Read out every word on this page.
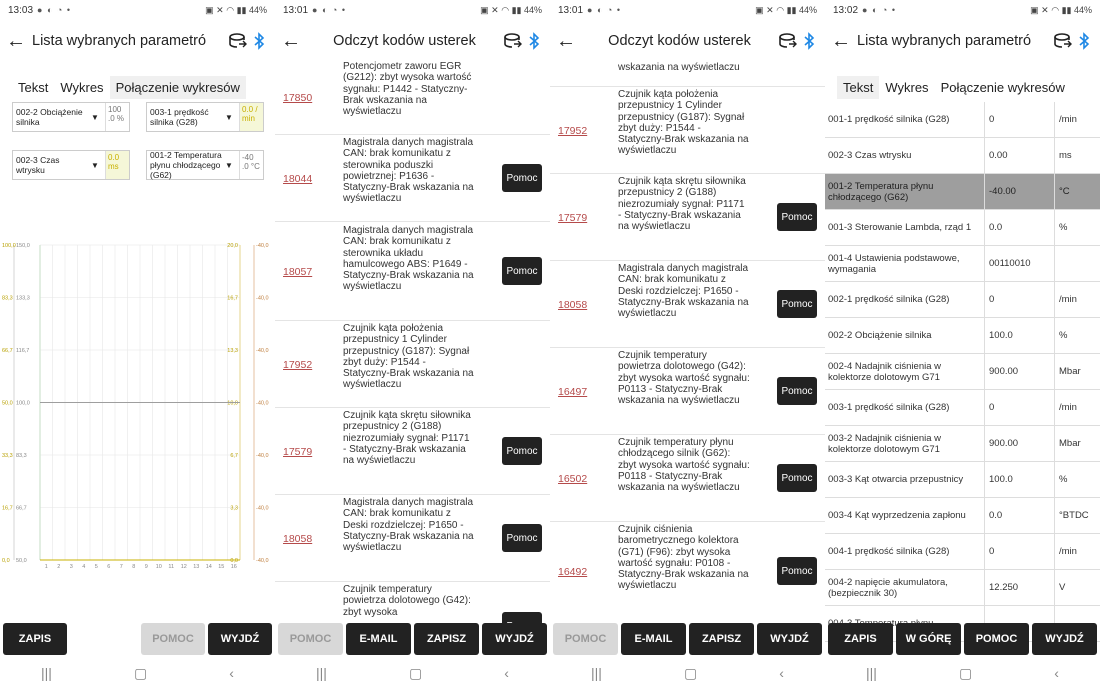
13:03 ● ◐ ◔ •	▣ ✕ ◠ ▮▮ 44%
← Lista wybranych parametró
Tekst Wykres Połączenie wykresów
002-2 Obciążenie silnika	▼
100 .0 %
003-1 prędkość silnika (G28)	▼
0.0 / min
002-3 Czas wtrysku	▼
0.0 ms
001-2 Temperatura płynu chłodzącego (G62)
▼
-40 .0 °C
150,0
100,0	20,0	-40,0
133,3
83,3	16,7	-40,0
116,7
66,7	13,3	-40,0
100,0
50,0	10,0	-40,0
83,3
33,3	6,7	-40,0
66,7
16,7	3,3	-40,0
50,0
0,0	0,0	-40,0
1 2 3 4 5 6 7 8 9 10 11 12 13 14 15 16
ZAPIS	POMOC	WYJDŹ
|||	▢	‹
13:01 ● ◐ ◔ •	▣ ✕ ◠ ▮▮ 44%
←	Odczyt kodów usterek
17850
Potencjometr zaworu EGR (G212): zbyt wysoka wartość sygnału: P1442 - Statyczny-Brak wskazania na wyświetlaczu
18044
Magistrala danych magistrala CAN: brak komunikatu z sterownika poduszki powietrznej: P1636 - Statyczny-Brak wskazania na wyświetlaczu
Pomoc
18057
Magistrala danych magistrala CAN: brak komunikatu z sterownika układu hamulcowego ABS: P1649 - Statyczny-Brak wskazania na wyświetlaczu
Pomoc
17952
Czujnik kąta położenia przepustnicy 1 Cylinder przepustnicy (G187): Sygnał zbyt duży: P1544 - Statyczny-Brak wskazania na wyświetlaczu
17579
Czujnik kąta skrętu siłownika przepustnicy 2 (G188) niezrozumiały sygnał: P1171 - Statyczny-Brak wskazania na wyświetlaczu
Pomoc
18058
Magistrala danych magistrala CAN: brak komunikatu z Deski rozdzielczej: P1650 - Statyczny-Brak wskazania na wyświetlaczu
Pomoc
Czujnik temperatury powietrza dolotowego (G42): zbyt wysoka
POMOC	E-MAIL	ZAPISZ	WYJDŹ
|||	▢	‹
13:01 ● ◐ ◔ •	▣ ✕ ◠ ▮▮ 44%
←	Odczyt kodów usterek
wskazania na wyświetlaczu
17952
Czujnik kąta położenia przepustnicy 1 Cylinder przepustnicy (G187): Sygnał zbyt duży: P1544 - Statyczny-Brak wskazania na wyświetlaczu
17579
Czujnik kąta skrętu siłownika przepustnicy 2 (G188) niezrozumiały sygnał: P1171 - Statyczny-Brak wskazania na wyświetlaczu
Pomoc
18058
Magistrala danych magistrala CAN: brak komunikatu z Deski rozdzielczej: P1650 - Statyczny-Brak wskazania na wyświetlaczu
Pomoc
16497
Czujnik temperatury powietrza dolotowego (G42): zbyt wysoka wartość sygnału: P0113 - Statyczny-Brak wskazania na wyświetlaczu
Pomoc
16502
Czujnik temperatury płynu chłodzącego silnik (G62): zbyt wysoka wartość sygnału: P0118 - Statyczny-Brak wskazania na wyświetlaczu
Pomoc
16492
Czujnik ciśnienia barometrycznego kolektora (G71) (F96): zbyt wysoka wartość sygnału: P0108 - Statyczny-Brak wskazania na wyświetlaczu
Pomoc
POMOC	E-MAIL	ZAPISZ	WYJDŹ
|||	▢	‹
13:02 ● ◐ ◔ •	▣ ✕ ◠ ▮▮ 44%
← Lista wybranych parametró
Tekst Wykres Połączenie wykresów
001-1 prędkość silnika (G28)	0	/min
002-3 Czas wtrysku	0.00	ms
001-2 Temperatura płynu chłodzącego (G62)	-40.00	°C
001-3 Sterowanie Lambda, rząd 1	0.0	%
001-4 Ustawienia podstawowe, wymagania	00110010
002-1 prędkość silnika (G28)	0	/min
002-2 Obciążenie silnika	100.0	%
002-4 Nadajnik ciśnienia w kolektorze dolotowym G71	900.00	Mbar
003-1 prędkość silnika (G28)	0	/min
003-2 Nadajnik ciśnienia w kolektorze dolotowym G71	900.00	Mbar
003-3 Kąt otwarcia przepustnicy	100.0	%
003-4 Kąt wyprzedzenia zapłonu	0.0	°BTDC
004-1 prędkość silnika (G28)	0	/min
004-2 napięcie akumulatora, (bezpiecznik 30)	12.250	V
ZAPIS	W GÓRĘ	POMOC	WYJDŹ
|||	▢	‹
